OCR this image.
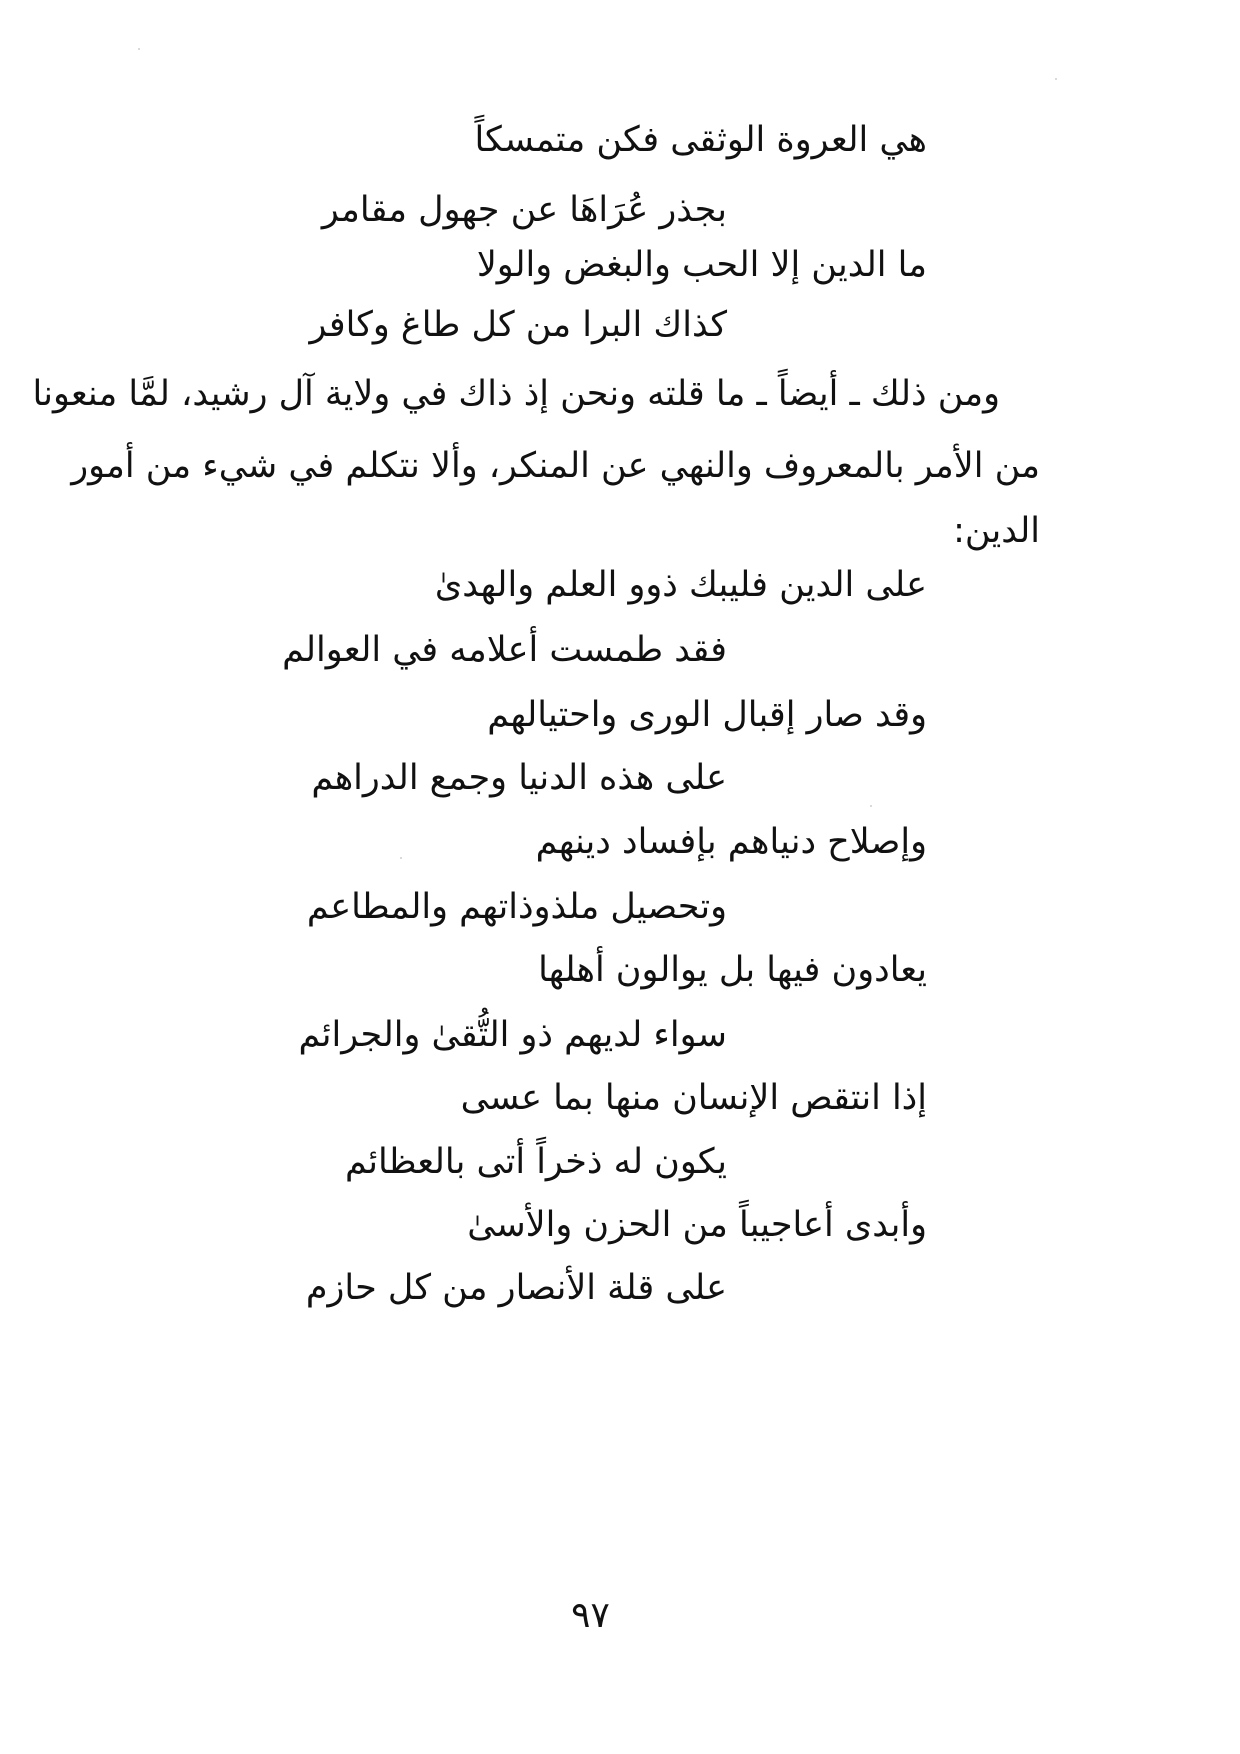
هي العروة الوثقى فكن متمسكاً
بجذر عُرَاهَا عن جهول مقامر
ما الدين إلا الحب والبغض والولا
كذاك البرا من كل طاغ وكافر
ومن ذلك ـ أيضاً ـ ما قلته ونحن إذ ذاك في ولاية آل رشيد، لمَّا منعونا
من الأمر بالمعروف والنهي عن المنكر، وألا نتكلم في شيء من أمور
الدين:
على الدين فليبك ذوو العلم والهدىٰ
فقد طمست أعلامه في العوالم
وقد صار إقبال الورى واحتيالهم
على هذه الدنيا وجمع الدراهم
وإصلاح دنياهم بإفساد دينهم
وتحصيل ملذوذاتهم والمطاعم
يعادون فيها بل يوالون أهلها
سواء لديهم ذو التُّقىٰ والجرائم
إذا انتقص الإنسان منها بما عسى
يكون له ذخراً أتى بالعظائم
وأبدى أعاجيباً من الحزن والأسىٰ
على قلة الأنصار من كل حازم
٩٧
